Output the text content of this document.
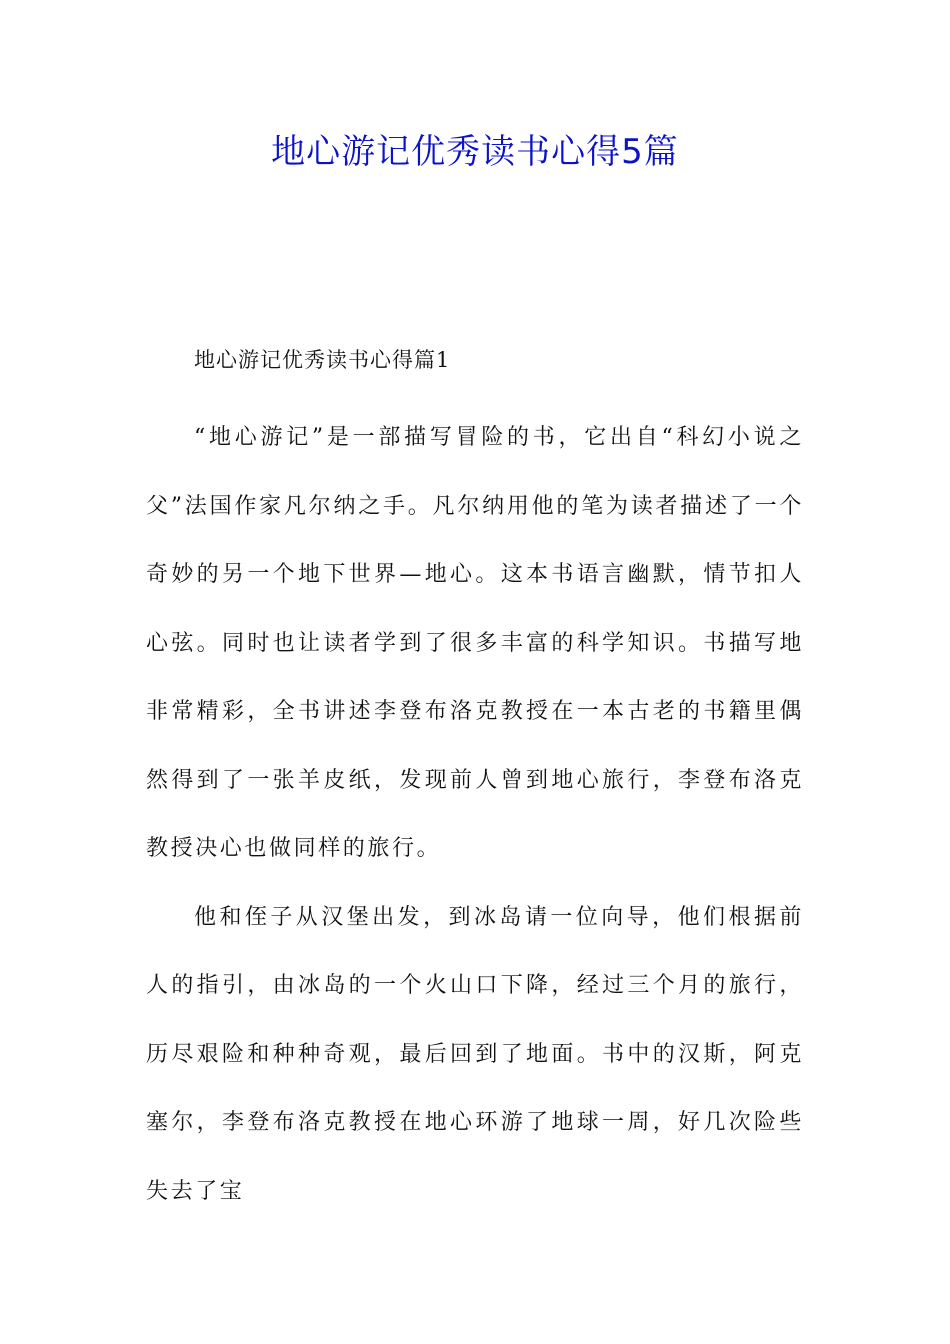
地心游记优秀读书心得5篇
地心游记优秀读书心得篇1

“地心游记”是一部描写冒险的书，它出自“科幻小说之父”法国作家凡尔纳之手。凡尔纳用他的笔为读者描述了一个奇妙的另一个地下世界—地心。这本书语言幽默，情节扣人心弦。同时也让读者学到了很多丰富的科学知识。书描写地非常精彩，全书讲述李登布洛克教授在一本古老的书籍里偶然得到了一张羊皮纸，发现前人曾到地心旅行，李登布洛克教授决心也做同样的旅行。

他和侄子从汉堡出发，到冰岛请一位向导，他们根据前人的指引，由冰岛的一个火山口下降，经过三个月的旅行，历尽艰险和种种奇观，最后回到了地面。书中的汉斯，阿克塞尔，李登布洛克教授在地心环游了地球一周，好几次险些失去了宝
